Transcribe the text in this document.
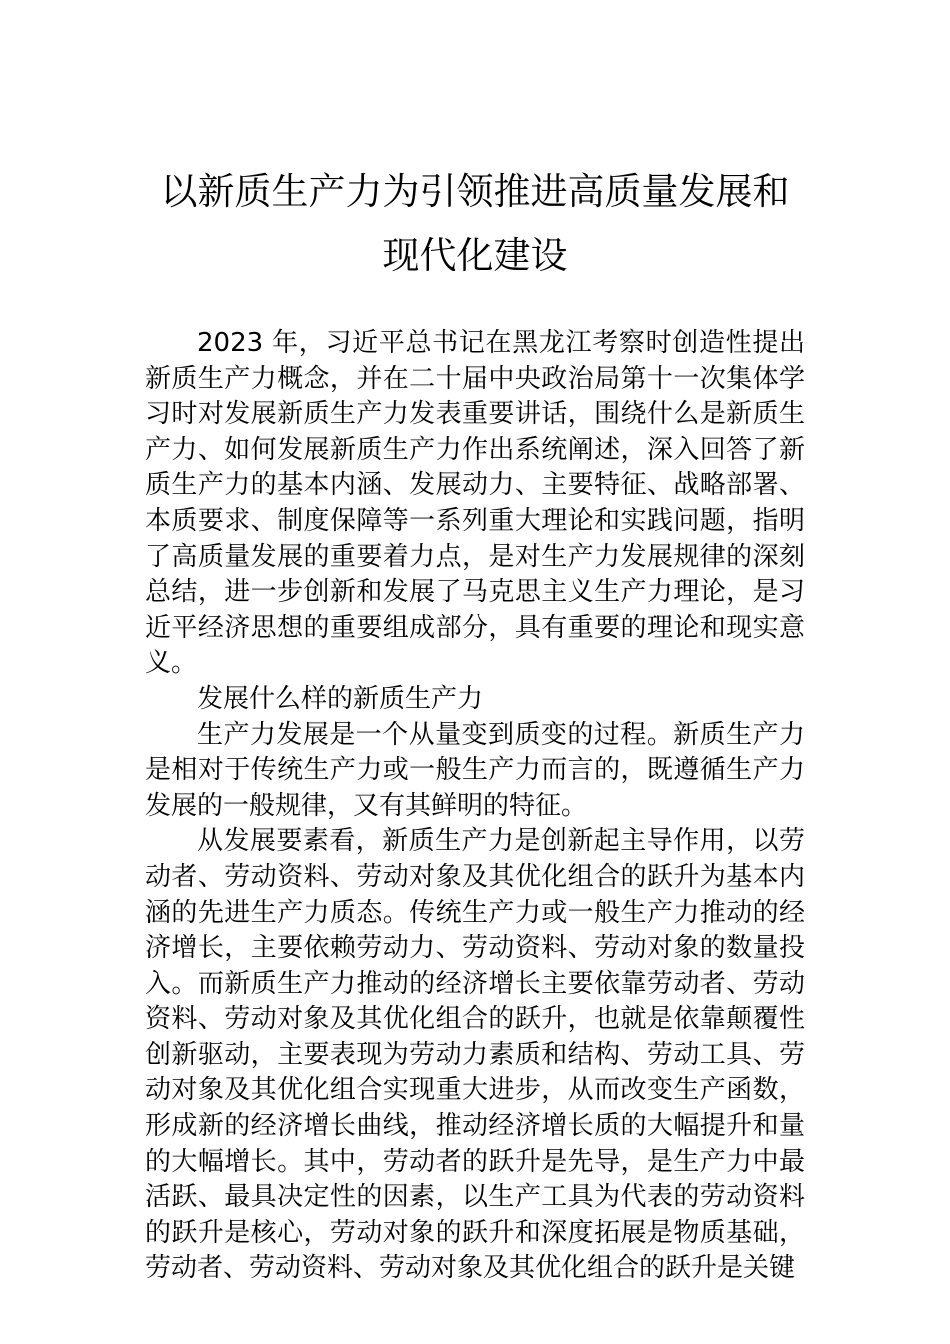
以新质生产力为引领推进高质量发展和现代化建设

2023 年，习近平总书记在黑龙江考察时创造性提出新质生产力概念，并在二十届中央政治局第十一次集体学习时对发展新质生产力发表重要讲话，围绕什么是新质生产力、如何发展新质生产力作出系统阐述，深入回答了新质生产力的基本内涵、发展动力、主要特征、战略部署、本质要求、制度保障等一系列重大理论和实践问题，指明了高质量发展的重要着力点，是对生产力发展规律的深刻总结，进一步创新和发展了马克思主义生产力理论，是习近平经济思想的重要组成部分，具有重要的理论和现实意义。

发展什么样的新质生产力

生产力发展是一个从量变到质变的过程。新质生产力是相对于传统生产力或一般生产力而言的，既遵循生产力发展的一般规律，又有其鲜明的特征。

从发展要素看，新质生产力是创新起主导作用，以劳动者、劳动资料、劳动对象及其优化组合的跃升为基本内涵的先进生产力质态。传统生产力或一般生产力推动的经济增长，主要依赖劳动力、劳动资料、劳动对象的数量投入。而新质生产力推动的经济增长主要依靠劳动者、劳动资料、劳动对象及其优化组合的跃升，也就是依靠颠覆性创新驱动，主要表现为劳动力素质和结构、劳动工具、劳动对象及其优化组合实现重大进步，从而改变生产函数，形成新的经济增长曲线，推动经济增长质的大幅提升和量的大幅增长。其中，劳动者的跃升是先导，是生产力中最活跃、最具决定性的因素，以生产工具为代表的劳动资料的跃升是核心，劳动对象的跃升和深度拓展是物质基础，劳动者、劳动资料、劳动对象及其优化组合的跃升是关键
